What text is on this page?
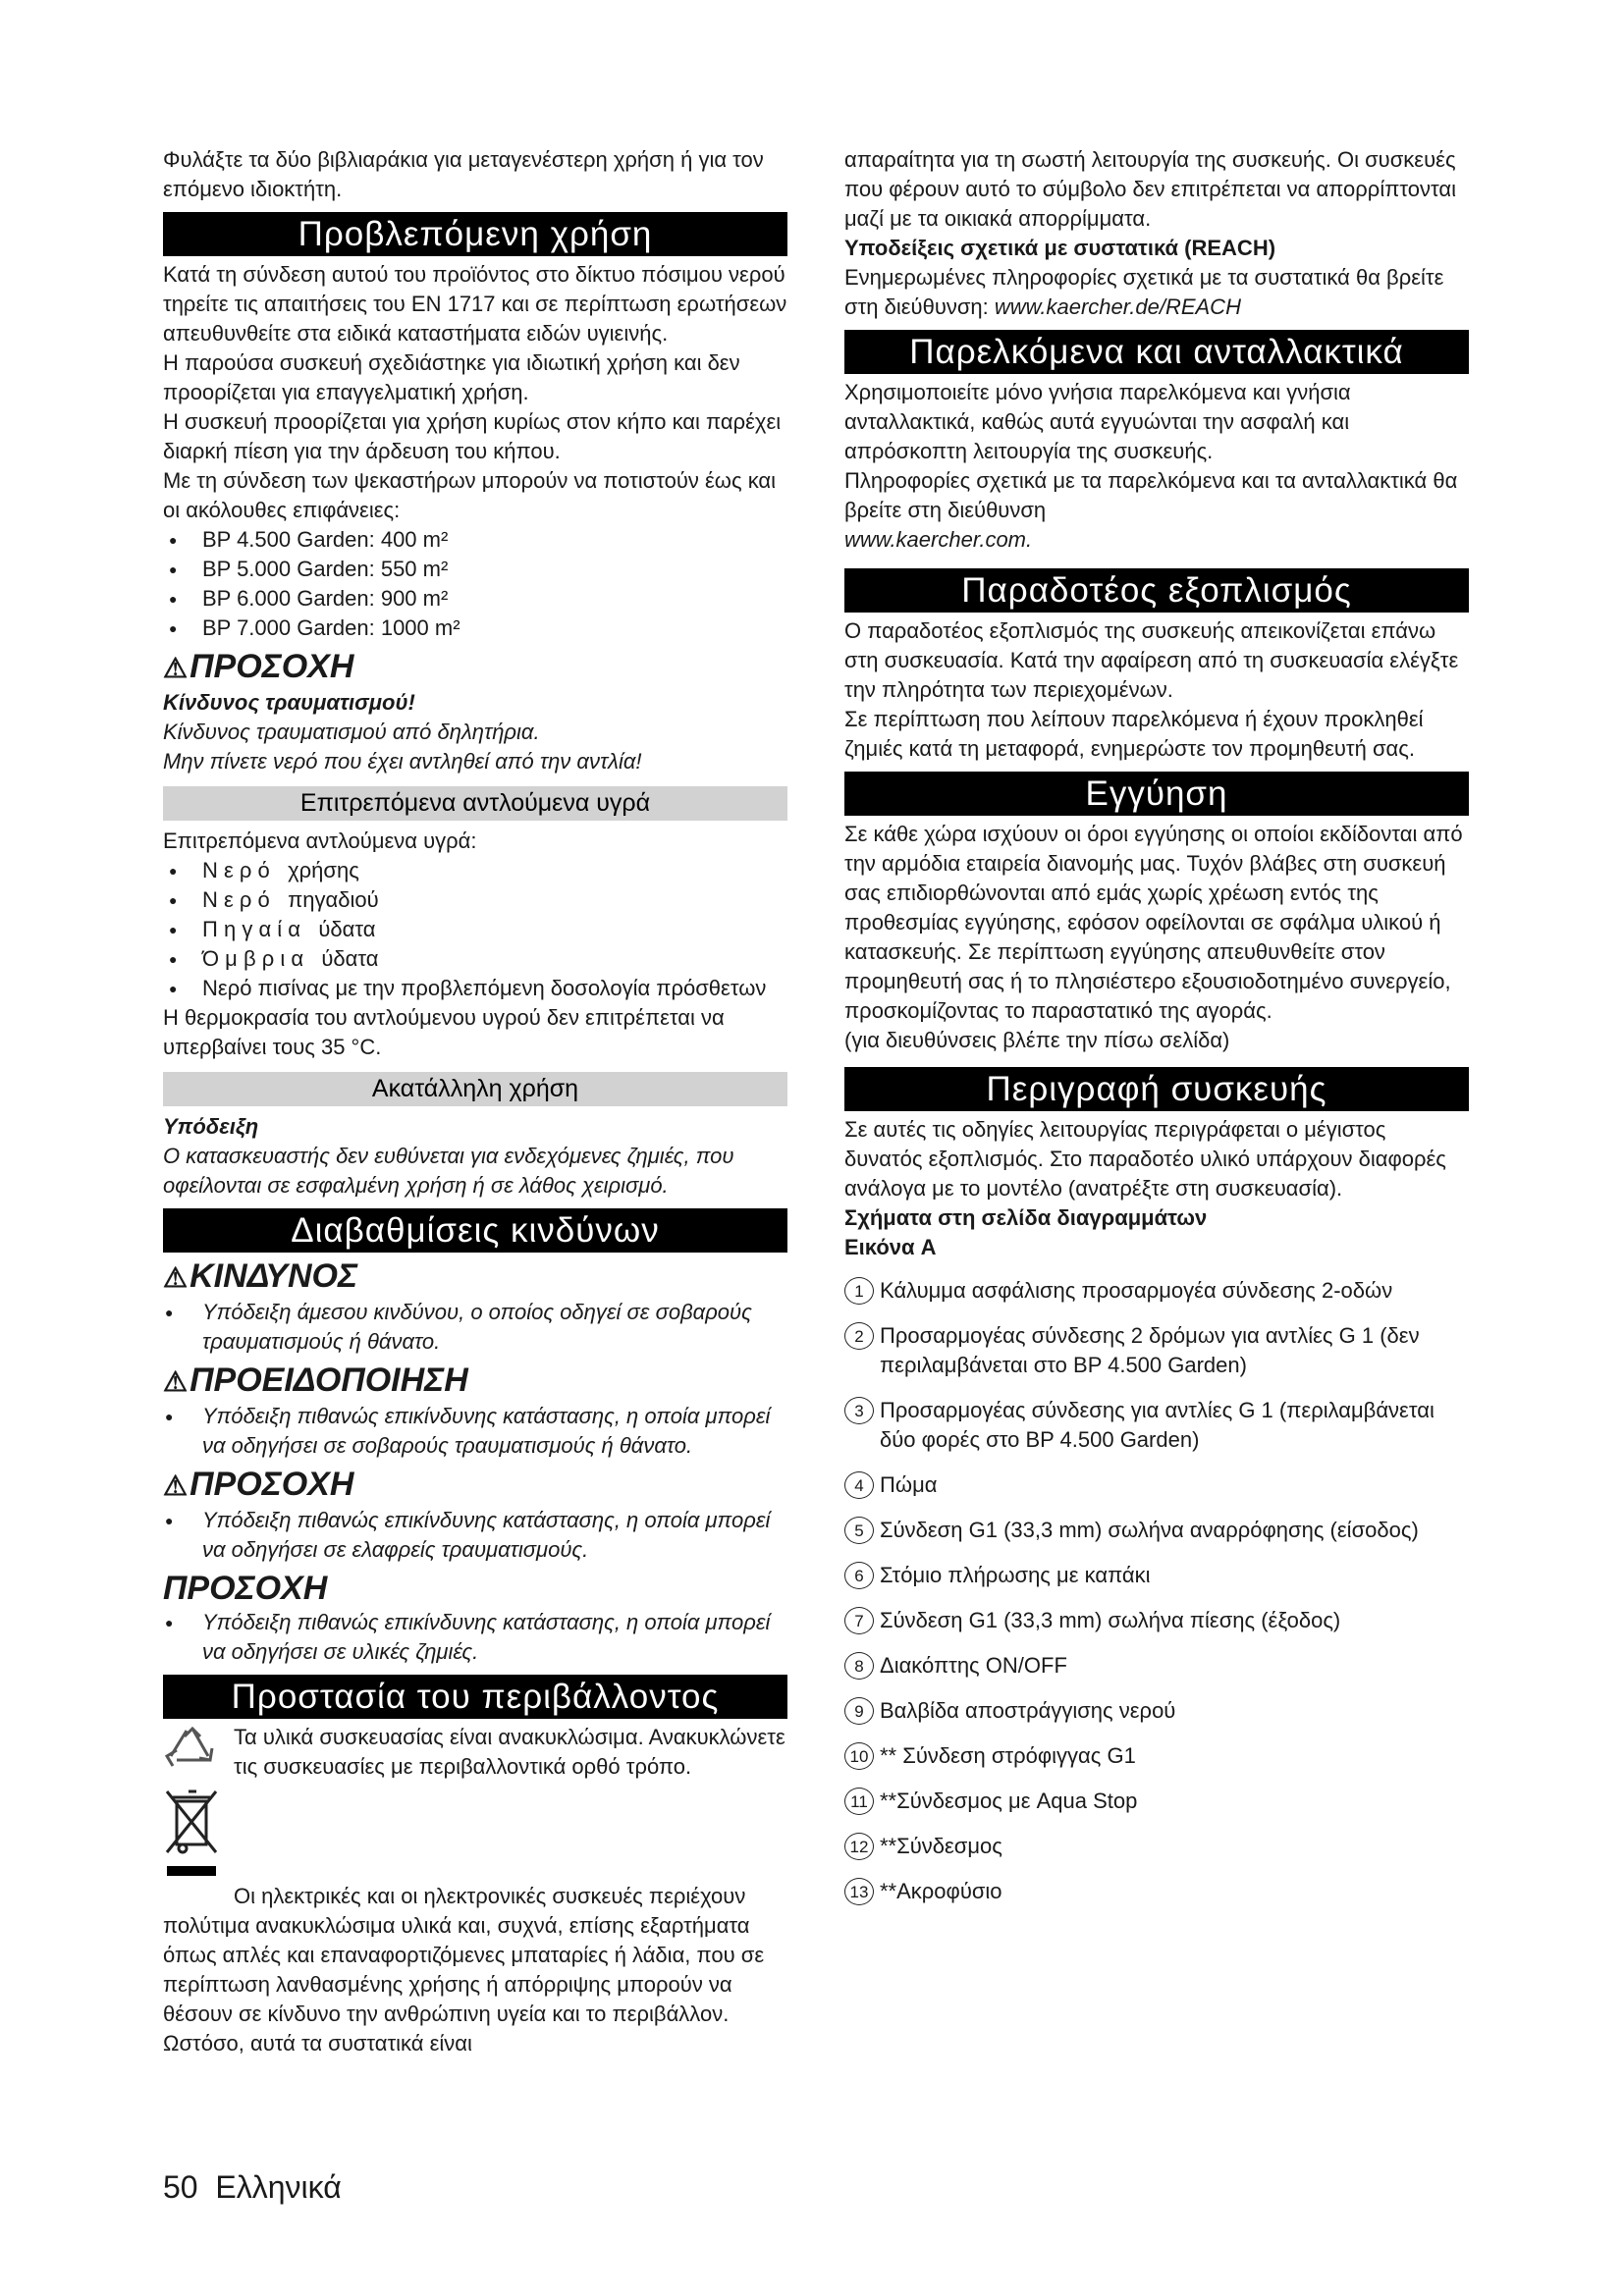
Φυλάξτε τα δύο βιβλιαράκια για μεταγενέστερη χρήση ή για τον επόμενο ιδιοκτήτη.

Προβλεπόμενη χρήση

Κατά τη σύνδεση αυτού του προϊόντος στο δίκτυο πόσιμου νερού τηρείτε τις απαιτήσεις του EN 1717 και σε περίπτωση ερωτήσεων απευθυνθείτε στα ειδικά καταστήματα ειδών υγιεινής.

Η παρούσα συσκευή σχεδιάστηκε για ιδιωτική χρήση και δεν προορίζεται για επαγγελματική χρήση.

Η συσκευή προορίζεται για χρήση κυρίως στον κήπο και παρέχει διαρκή πίεση για την άρδευση του κήπου.

Με τη σύνδεση των ψεκαστήρων μπορούν να ποτιστούν έως και οι ακόλουθες επιφάνειες:

● BP 4.500 Garden: 400 m²
● BP 5.000 Garden: 550 m²
● BP 6.000 Garden: 900 m²
● BP 7.000 Garden: 1000 m²
⚠ΠΡΟΣΟΧΗ

Κίνδυνος τραυματισμού!

Κίνδυνος τραυματισμού από δηλητήρια.

Μην πίνετε νερό που έχει αντληθεί από την αντλία!

Επιτρεπόμενα αντλούμενα υγρά

Επιτρεπόμενα αντλούμενα υγρά:

● Ν ε ρ ό   χρήσης
● Ν ε ρ ό   πηγαδιού
● Π η γ α ί α   ύδατα
● Ό μ β ρ ι α   ύδατα
● Νερό πισίνας με την προβλεπόμενη δοσολογία πρόσθετων

Η θερμοκρασία του αντλούμενου υγρού δεν επιτρέπεται να υπερβαίνει τους 35 °C.

Ακατάλληλη χρήση

Υπόδειξη

Ο κατασκευαστής δεν ευθύνεται για ενδεχόμενες ζημιές, που οφείλονται σε εσφαλμένη χρήση ή σε λάθος χειρισμό.

Διαβαθμίσεις κινδύνων
⚠ΚΙΝΔΥΝΟΣ
● Υπόδειξη άμεσου κινδύνου, ο οποίος οδηγεί σε σοβαρούς τραυματισμούς ή θάνατο.
⚠ΠΡΟΕΙΔΟΠΟΙΗΣΗ
● Υπόδειξη πιθανώς επικίνδυνης κατάστασης, η οποία μπορεί να οδηγήσει σε σοβαρούς τραυματισμούς ή θάνατο.
⚠ΠΡΟΣΟΧΗ
● Υπόδειξη πιθανώς επικίνδυνης κατάστασης, η οποία μπορεί να οδηγήσει σε ελαφρείς τραυματισμούς.
ΠΡΟΣΟΧΗ
● Υπόδειξη πιθανώς επικίνδυνης κατάστασης, η οποία μπορεί να οδηγήσει σε υλικές ζημιές.
Προστασία του περιβάλλοντος

Τα υλικά συσκευασίας είναι ανακυκλώσιμα. Ανακυκλώνετε τις συσκευασίες με περιβαλλοντικά ορθό τρόπο.

Οι ηλεκτρικές και οι ηλεκτρονικές συσκευές περιέχουν πολύτιμα ανακυκλώσιμα υλικά και, συχνά, επίσης εξαρτήματα όπως απλές και επαναφορτιζόμενες μπαταρίες ή λάδια, που σε περίπτωση λανθασμένης χρήσης ή απόρριψης μπορούν να θέσουν σε κίνδυνο την ανθρώπινη υγεία και το περιβάλλον. Ωστόσο, αυτά τα συστατικά είναι

απαραίτητα για τη σωστή λειτουργία της συσκευής. Οι συσκευές που φέρουν αυτό το σύμβολο δεν επιτρέπεται να απορρίπτονται μαζί με τα οικιακά απορρίμματα.

Υποδείξεις σχετικά με συστατικά (REACH)

Ενημερωμένες πληροφορίες σχετικά με τα συστατικά θα βρείτε στη διεύθυνση: www.kaercher.de/REACH

Παρελκόμενα και ανταλλακτικά

Χρησιμοποιείτε μόνο γνήσια παρελκόμενα και γνήσια ανταλλακτικά, καθώς αυτά εγγυώνται την ασφαλή και απρόσκοπτη λειτουργία της συσκευής.

Πληροφορίες σχετικά με τα παρελκόμενα και τα ανταλλακτικά θα βρείτε στη διεύθυνση

www.kaercher.com.

Παραδοτέος εξοπλισμός

Ο παραδοτέος εξοπλισμός της συσκευής απεικονίζεται επάνω στη συσκευασία. Κατά την αφαίρεση από τη συσκευασία ελέγξτε την πληρότητα των περιεχομένων.

Σε περίπτωση που λείπουν παρελκόμενα ή έχουν προκληθεί ζημιές κατά τη μεταφορά, ενημερώστε τον προμηθευτή σας.

Εγγύηση

Σε κάθε χώρα ισχύουν οι όροι εγγύησης οι οποίοι εκδίδονται από την αρμόδια εταιρεία διανομής μας. Τυχόν βλάβες στη συσκευή σας επιδιορθώνονται από εμάς χωρίς χρέωση εντός της προθεσμίας εγγύησης, εφόσον οφείλονται σε σφάλμα υλικού ή κατασκευής. Σε περίπτωση εγγύησης απευθυνθείτε στον προμηθευτή σας ή το πλησιέστερο εξουσιοδοτημένο συνεργείο, προσκομίζοντας το παραστατικό της αγοράς.

(για διευθύνσεις βλέπε την πίσω σελίδα)

Περιγραφή συσκευής

Σε αυτές τις οδηγίες λειτουργίας περιγράφεται ο μέγιστος δυνατός εξοπλισμός. Στο παραδοτέο υλικό υπάρχουν διαφορές ανάλογα με το μοντέλο (ανατρέξτε στη συσκευασία).

Σχήματα στη σελίδα διαγραμμάτων

Εικόνα A

1 Κάλυμμα ασφάλισης προσαρμογέα σύνδεσης 2-οδών
2 Προσαρμογέας σύνδεσης 2 δρόμων για αντλίες G 1 (δεν περιλαμβάνεται στο BP 4.500 Garden)
3 Προσαρμογέας σύνδεσης για αντλίες G 1 (περιλαμβάνεται δύο φορές στο BP 4.500 Garden)
4 Πώμα
5 Σύνδεση G1 (33,3 mm) σωλήνα αναρρόφησης (είσοδος)
6 Στόμιο πλήρωσης με καπάκι
7 Σύνδεση G1 (33,3 mm) σωλήνα πίεσης (έξοδος)
8 Διακόπτης ON/OFF
9 Βαλβίδα αποστράγγισης νερού
10 ** Σύνδεση στρόφιγγας G1
11 **Σύνδεσμος με Aqua Stop
12 **Σύνδεσμος
13 **Ακροφύσιο
50 Ελληνικά
